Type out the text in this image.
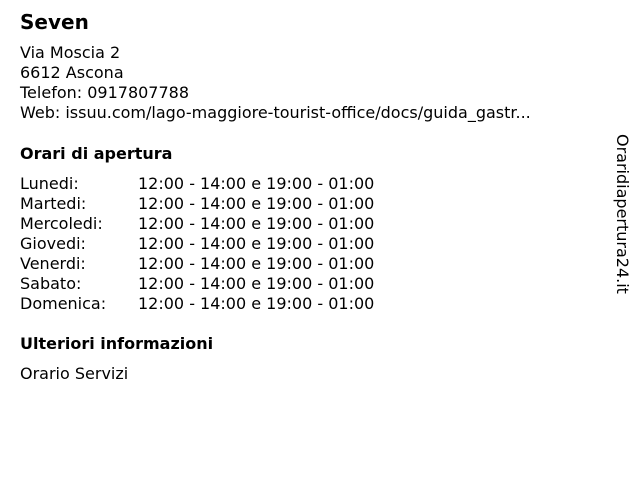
Seven
Via Moscia 2
6612 Ascona
Telefon: 0917807788
Web: issuu.com/lago-maggiore-tourist-office/docs/guida_gastr...
Orari di apertura
Lunedi:	12:00 - 14:00 e 19:00 - 01:00
Martedi:	12:00 - 14:00 e 19:00 - 01:00
Mercoledi: 12:00 - 14:00 e 19:00 - 01:00
Giovedi:	12:00 - 14:00 e 19:00 - 01:00
Venerdi:	12:00 - 14:00 e 19:00 - 01:00
Sabato:	12:00 - 14:00 e 19:00 - 01:00
Domenica: 12:00 - 14:00 e 19:00 - 01:00
Ulteriori informazioni
Orario Servizi
Oraridiapertura24.it
